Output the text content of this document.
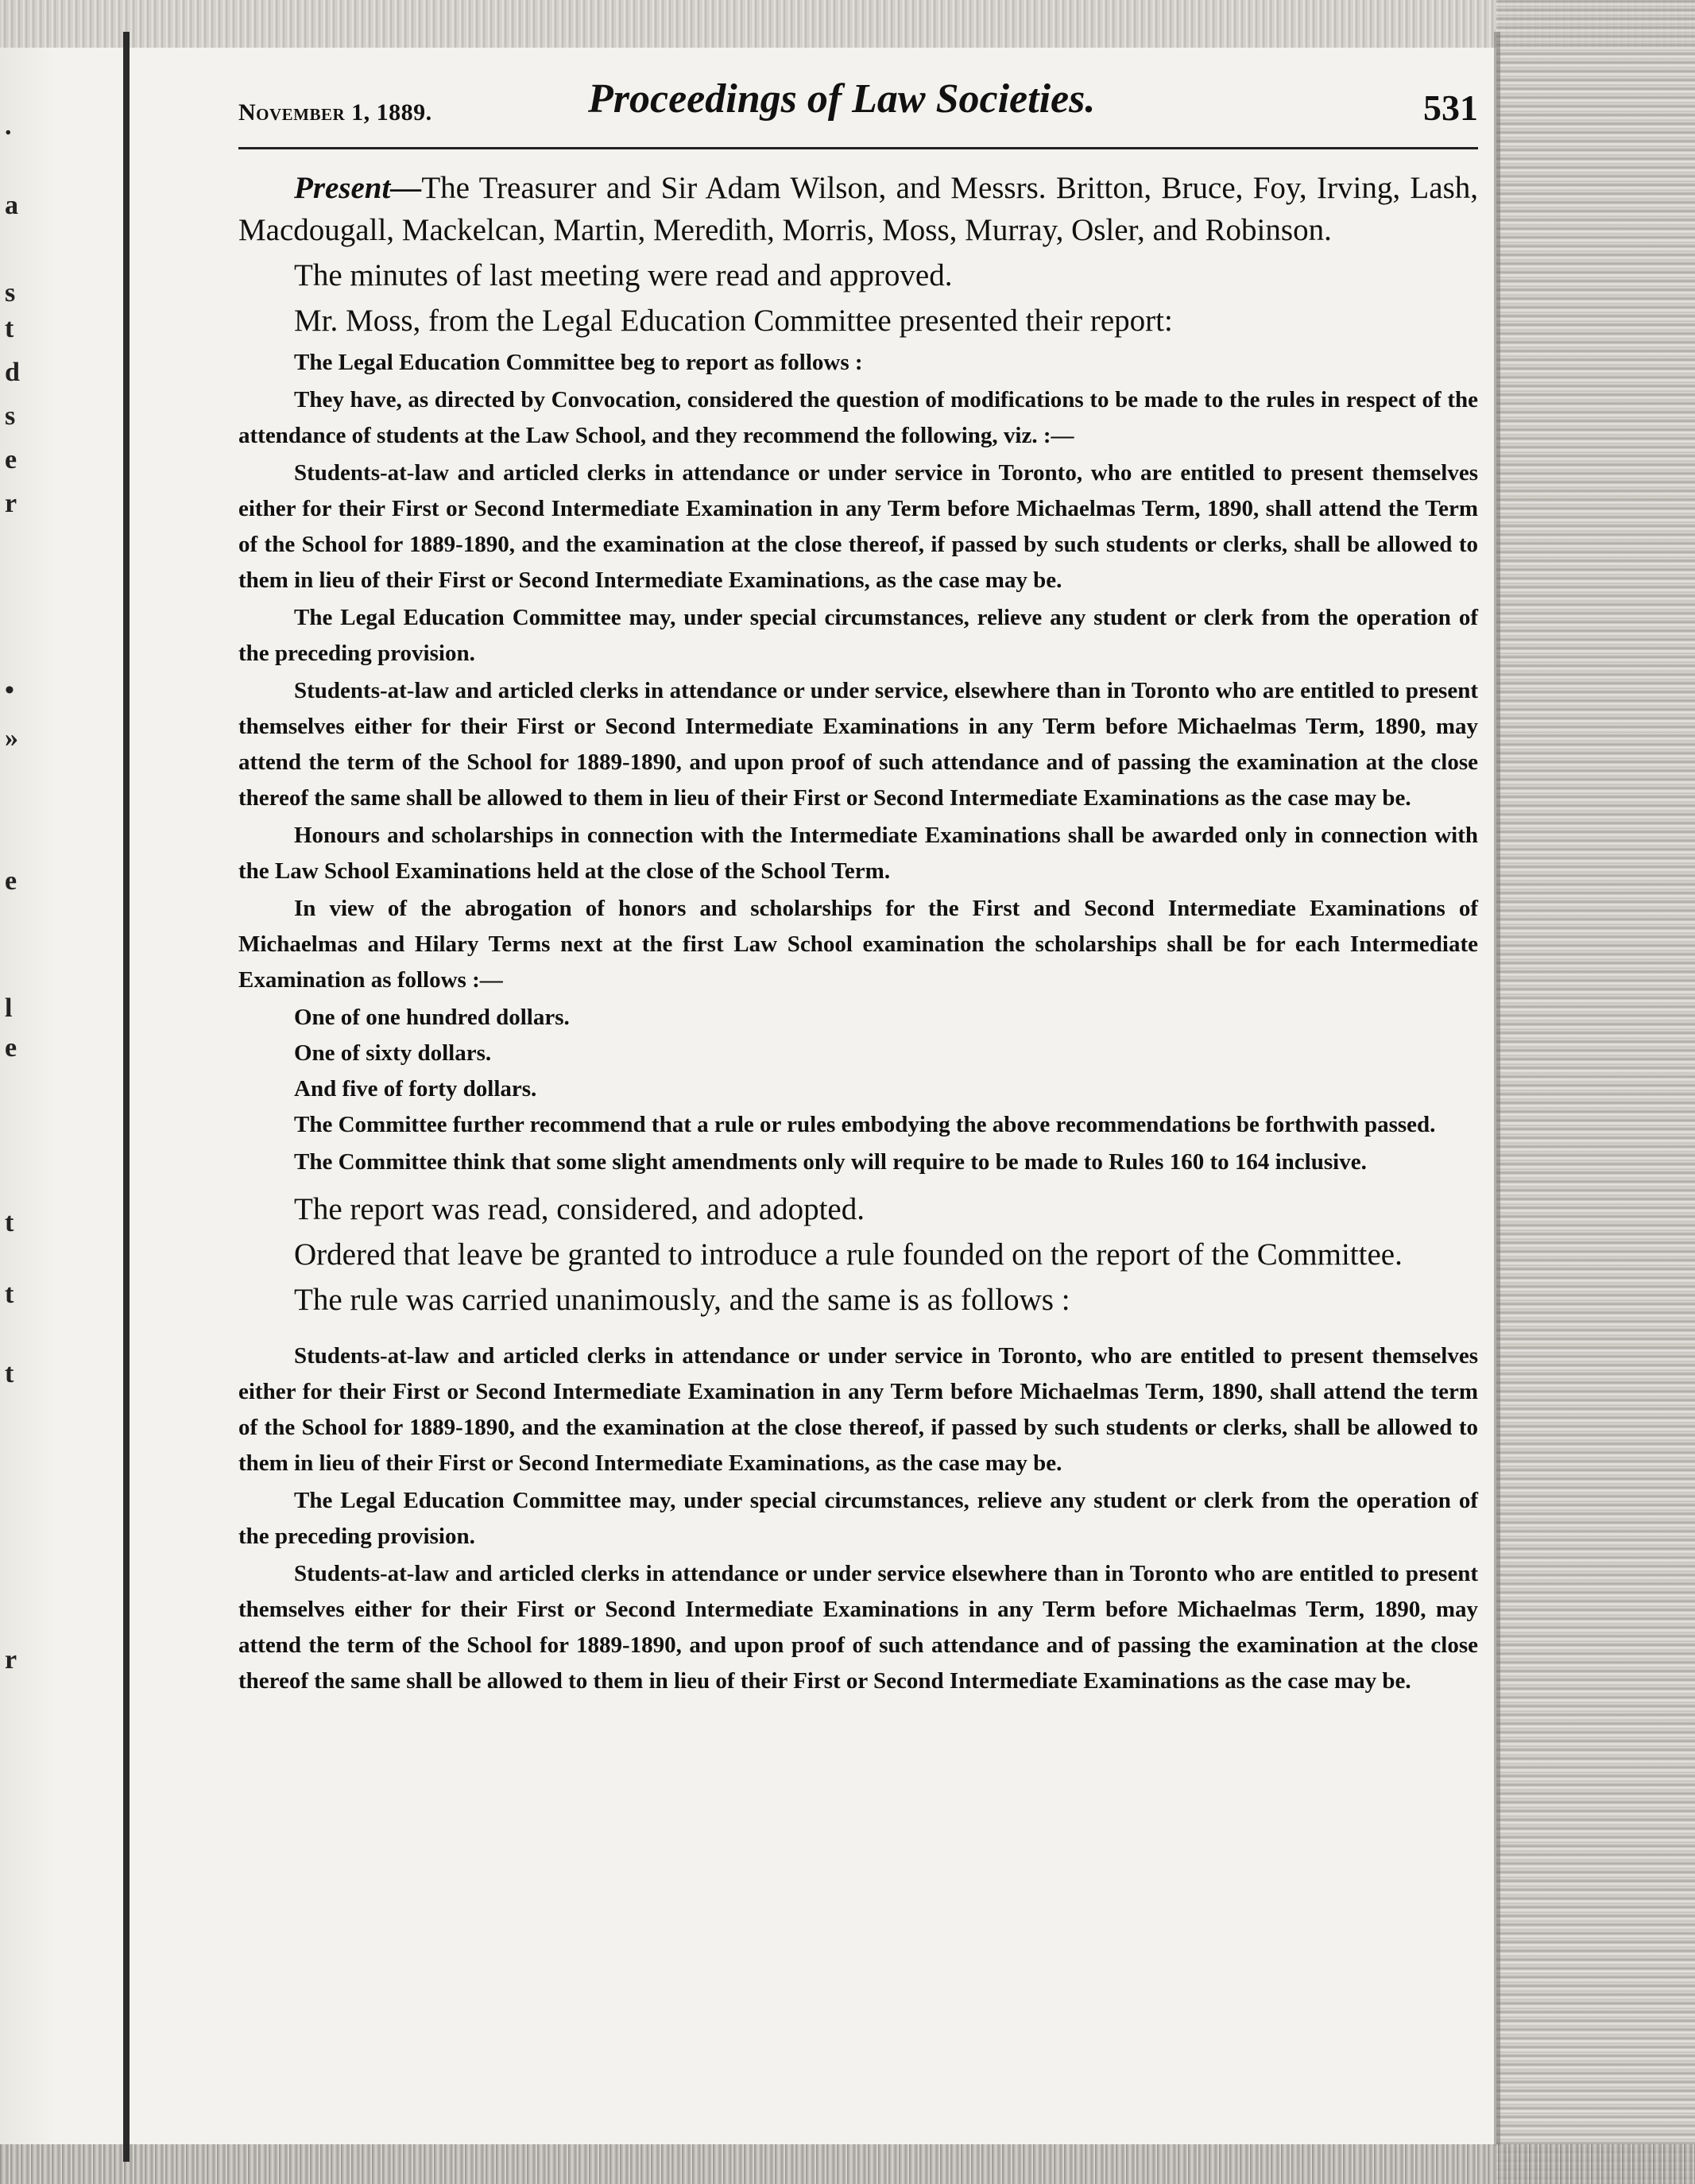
.
a
s
t
d
s
e
r
•
»
e
l
e
t
t
t
r
November 1, 1889.	Proceedings of Law Societies.	531

Present—The Treasurer and Sir Adam Wilson, and Messrs. Britton, Bruce, Foy, Irving, Lash, Macdougall, Mackelcan, Martin, Meredith, Morris, Moss, Murray, Osler, and Robinson.

The minutes of last meeting were read and approved.

Mr. Moss, from the Legal Education Committee presented their report:

The Legal Education Committee beg to report as follows :

They have, as directed by Convocation, considered the question of modifications to be made to the rules in respect of the attendance of students at the Law School, and they recommend the following, viz. :—

Students-at-law and articled clerks in attendance or under service in Toronto, who are entitled to present themselves either for their First or Second Intermediate Examination in any Term before Michaelmas Term, 1890, shall attend the Term of the School for 1889-1890, and the examination at the close thereof, if passed by such students or clerks, shall be allowed to them in lieu of their First or Second Intermediate Examinations, as the case may be.

The Legal Education Committee may, under special circumstances, relieve any student or clerk from the operation of the preceding provision.

Students-at-law and articled clerks in attendance or under service, elsewhere than in Toronto who are entitled to present themselves either for their First or Second Intermediate Examinations in any Term before Michaelmas Term, 1890, may attend the term of the School for 1889-1890, and upon proof of such attendance and of passing the examination at the close thereof the same shall be allowed to them in lieu of their First or Second Intermediate Examinations as the case may be.

Honours and scholarships in connection with the Intermediate Examinations shall be awarded only in connection with the Law School Examinations held at the close of the School Term.

In view of the abrogation of honors and scholarships for the First and Second Intermediate Examinations of Michaelmas and Hilary Terms next at the first Law School examination the scholarships shall be for each Intermediate Examination as follows :—

One of one hundred dollars.

One of sixty dollars.

And five of forty dollars.

The Committee further recommend that a rule or rules embodying the above recommendations be forthwith passed.

The Committee think that some slight amendments only will require to be made to Rules 160 to 164 inclusive.

The report was read, considered, and adopted.

Ordered that leave be granted to introduce a rule founded on the report of the Committee.

The rule was carried unanimously, and the same is as follows :

Students-at-law and articled clerks in attendance or under service in Toronto, who are entitled to present themselves either for their First or Second Intermediate Examination in any Term before Michaelmas Term, 1890, shall attend the term of the School for 1889-1890, and the examination at the close thereof, if passed by such students or clerks, shall be allowed to them in lieu of their First or Second Intermediate Examinations, as the case may be.

The Legal Education Committee may, under special circumstances, relieve any student or clerk from the operation of the preceding provision.

Students-at-law and articled clerks in attendance or under service elsewhere than in Toronto who are entitled to present themselves either for their First or Second Intermediate Examinations in any Term before Michaelmas Term, 1890, may attend the term of the School for 1889-1890, and upon proof of such attendance and of passing the examination at the close thereof the same shall be allowed to them in lieu of their First or Second Intermediate Examinations as the case may be.
